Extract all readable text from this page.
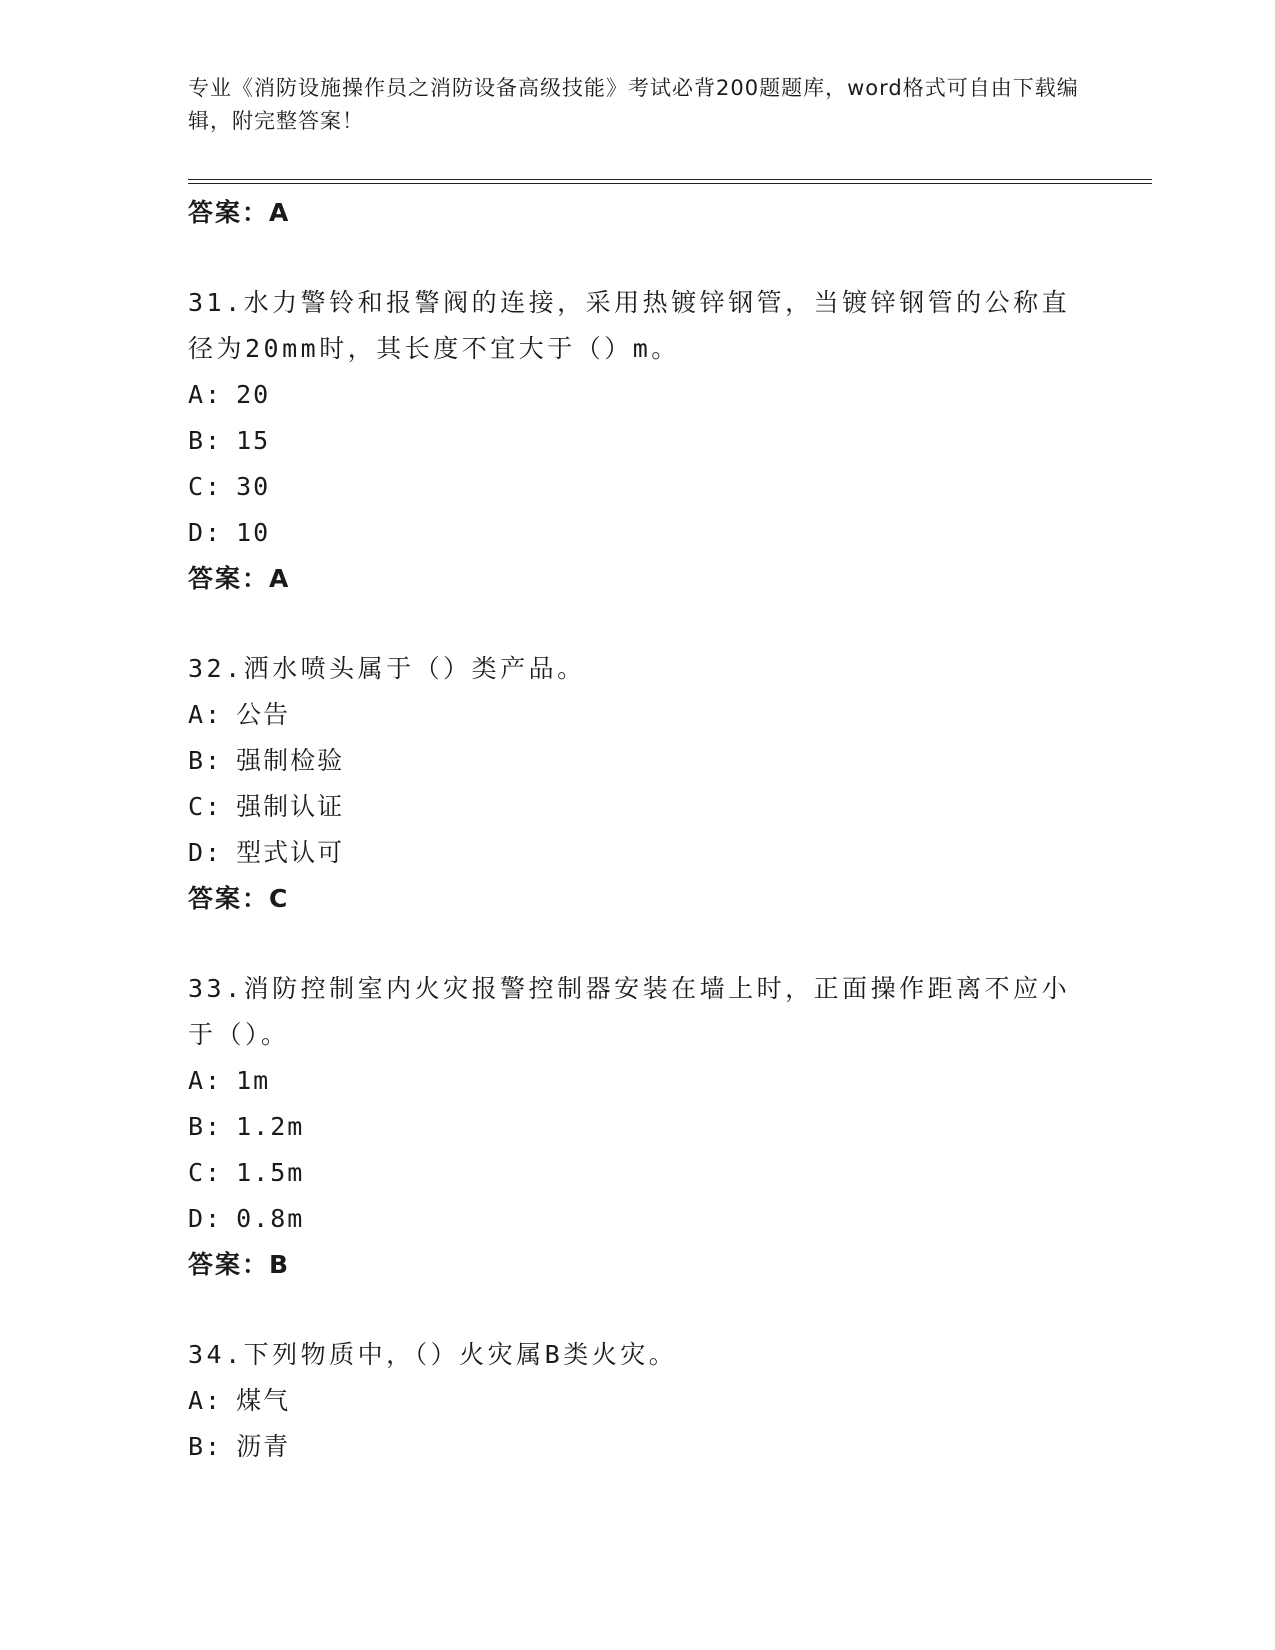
专业《消防设施操作员之消防设备高级技能》考试必背200题题库，word格式可自由下载编辑，附完整答案！
答案：A
31.水力警铃和报警阀的连接，采用热镀锌钢管，当镀锌钢管的公称直径为20mm时，其长度不宜大于（）m。
A: 20
B: 15
C: 30
D: 10
答案：A
32.洒水喷头属于（）类产品。
A: 公告
B: 强制检验
C: 强制认证
D: 型式认可
答案：C
33.消防控制室内火灾报警控制器安装在墙上时，正面操作距离不应小于（）。
A: 1m
B: 1.2m
C: 1.5m
D: 0.8m
答案：B
34.下列物质中，（）火灾属B类火灾。
A: 煤气
B: 沥青
